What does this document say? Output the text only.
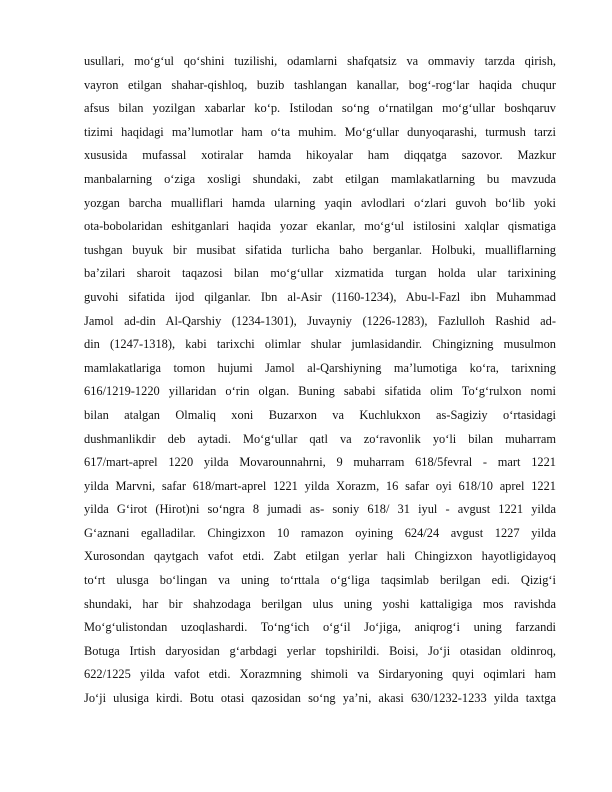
usullari, mo‘g‘ul qo‘shini tuzilishi, odamlarni shafqatsiz va ommaviy tarzda qirish,
vayron etilgan shahar-qishloq, buzib tashlangan kanallar, bog‘-rog‘lar haqida chuqur
afsus bilan yozilgan xabarlar ko‘p. Istilodan so‘ng o‘rnatilgan mo‘g‘ullar boshqaruv
tizimi haqidagi ma’lumotlar ham o‘ta muhim. Mo‘g‘ullar dunyoqarashi, turmush tarzi
xususida mufassal xotiralar hamda hikoyalar ham diqqatga sazovor. Mazkur
manbalarning o‘ziga xosligi shundaki, zabt etilgan mamlakatlarning bu mavzuda
yozgan barcha mualliflari hamda ularning yaqin avlodlari o‘zlari guvoh bo‘lib yoki
ota-bobolaridan eshitganlari haqida yozar ekanlar, mo‘g‘ul istilosini xalqlar qismatiga
tushgan buyuk bir musibat sifatida turlicha baho berganlar. Holbuki, mualliflarning
ba’zilari sharoit taqazosi bilan mo‘g‘ullar xizmatida turgan holda ular tarixining
guvohi sifatida ijod qilganlar. Ibn al-Asir (1160-1234), Abu-l-Fazl ibn Muhammad
Jamol ad-din Al-Qarshiy (1234-1301), Juvayniy (1226-1283), Fazlulloh Rashid ad-
din (1247-1318), kabi tarixchi olimlar shular jumlasidandir. Chingizning musulmon
mamlakatlariga tomon hujumi Jamol al-Qarshiyning ma’lumotiga ko‘ra, tarixning
616/1219-1220 yillaridan o‘rin olgan. Buning sababi sifatida olim To‘g‘rulxon nomi
bilan atalgan Olmaliq xoni Buzarxon va Kuchlukxon as-Sagiziy o‘rtasidagi
dushmanlikdir deb aytadi. Mo‘g‘ullar qatl va zo‘ravonlik yo‘li bilan muharram
617/mart-aprel 1220 yilda Movarounnahrni, 9 muharram 618/5fevral - mart 1221
yilda Marvni, safar 618/mart-aprel 1221 yilda Xorazm, 16 safar oyi 618/10 aprel 1221
yilda G‘irot (Hirot)ni so‘ngra 8 jumadi as- soniy 618/ 31 iyul - avgust 1221 yilda
G‘aznani egalladilar. Chingizxon 10 ramazon oyining 624/24 avgust 1227 yilda
Xurosondan qaytgach vafot etdi. Zabt etilgan yerlar hali Chingizxon hayotligidayoq
to‘rt ulusga bo‘lingan va uning to‘rttala o‘g‘liga taqsimlab berilgan edi. Qizig‘i
shundaki, har bir shahzodaga berilgan ulus uning yoshi kattaligiga mos ravishda
Mo‘g‘ulistondan uzoqlashardi. To‘ng‘ich o‘g‘il Jo‘jiga, aniqrog‘i uning farzandi
Botuga Irtish daryosidan g‘arbdagi yerlar topshirildi. Boisi, Jo‘ji otasidan oldinroq,
622/1225 yilda vafot etdi. Xorazmning shimoli va Sirdaryoning quyi oqimlari ham
Jo‘ji ulusiga kirdi. Botu otasi qazosidan so‘ng ya’ni, akasi 630/1232-1233 yilda taxtga
